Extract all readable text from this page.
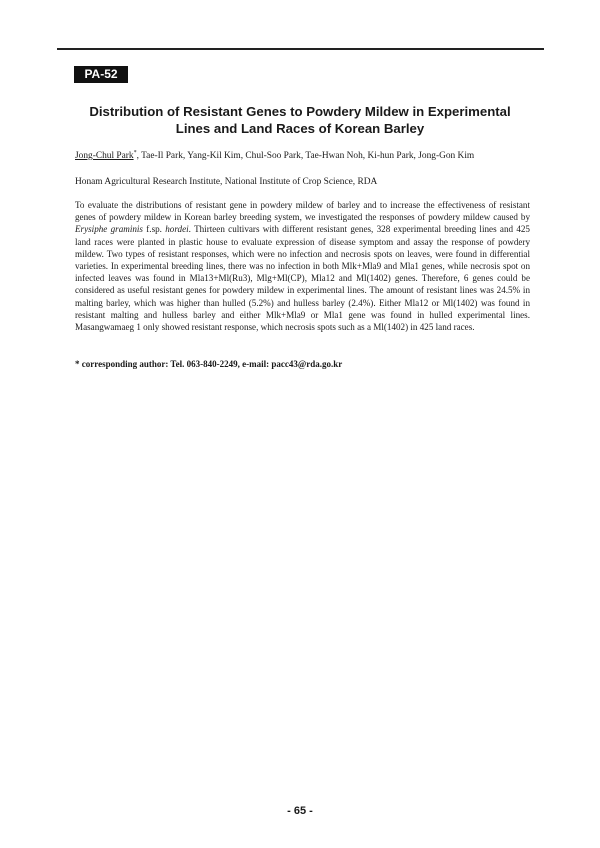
PA-52
Distribution of Resistant Genes to Powdery Mildew in Experimental Lines and Land Races of Korean Barley
Jong-Chul Park*, Tae-Il Park, Yang-Kil Kim, Chul-Soo Park, Tae-Hwan Noh, Ki-hun Park, Jong-Gon Kim
Honam Agricultural Research Institute, National Institute of Crop Science, RDA
To evaluate the distributions of resistant gene in powdery mildew of barley and to increase the effectiveness of resistant genes of powdery mildew in Korean barley breeding system, we investigated the responses of powdery mildew caused by Erysiphe graminis f.sp. hordei. Thirteen cultivars with different resistant genes, 328 experimental breeding lines and 425 land races were planted in plastic house to evaluate expression of disease symptom and assay the response of powdery mildew. Two types of resistant responses, which were no infection and necrosis spots on leaves, were found in differential varieties. In experimental breeding lines, there was no infection in both Mlk+Mla9 and Mla1 genes, while necrosis spot on infected leaves was found in Mla13+Ml(Ru3), Mlg+Ml(CP), Mla12 and Ml(1402) genes. Therefore, 6 genes could be considered as useful resistant genes for powdery mildew in experimental lines. The amount of resistant lines was 24.5% in malting barley, which was higher than hulled (5.2%) and hulless barley (2.4%). Either Mla12 or Ml(1402) was found in resistant malting and hulless barley and either Mlk+Mla9 or Mla1 gene was found in hulled experimental lines. Masangwamaeg 1 only showed resistant response, which necrosis spots such as a Ml(1402) in 425 land races.
* corresponding author: Tel. 063-840-2249, e-mail: pacc43@rda.go.kr
- 65 -
